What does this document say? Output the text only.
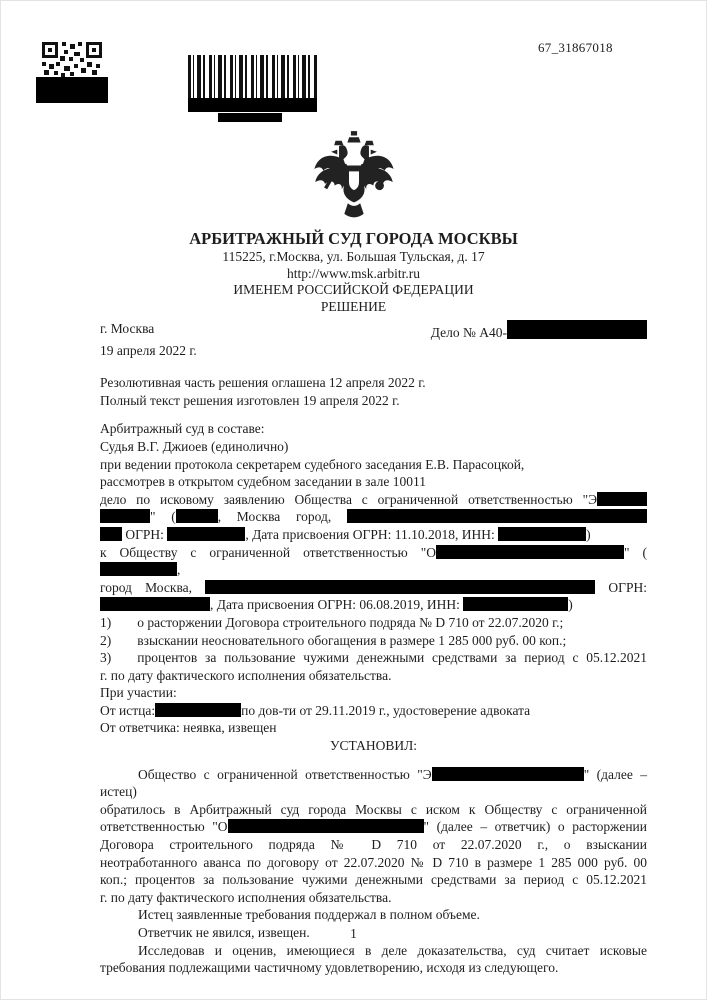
67_31867018
АРБИТРАЖНЫЙ СУД ГОРОДА МОСКВЫ
115225, г.Москва, ул. Большая Тульская, д. 17
http://www.msk.arbitr.ru
ИМЕНЕМ РОССИЙСКОЙ ФЕДЕРАЦИИ
РЕШЕНИЕ
г. Москва	Дело № А40-
19 апреля 2022 г.
Резолютивная часть решения оглашена 12 апреля 2022 г.
Полный текст решения изготовлен 19 апреля 2022 г.
Арбитражный суд в составе:
Судья В.Г. Джиоев (единолично)
при ведении протокола секретарем судебного заседания Е.В. Парасоцкой,
рассмотрев в открытом судебном заседании в зале 10011
дело по исковому заявлению Общества с ограниченной ответственностью "Э
" (	, Москва город,
ОГРН:	, Дата присвоения ОГРН: 11.10.2018, ИНН:	)
к Обществу с ограниченной ответственностью "О	" (,
город Москва,	ОГРН:
, Дата присвоения ОГРН: 06.08.2019, ИНН:	)
1) о расторжении Договора строительного подряда № D 710 от 22.07.2020 г.;
2) взыскании неосновательного обогащения в размере 1 285 000 руб. 00 коп.;
3) процентов за пользование чужими денежными средствами за период с 05.12.2021
г. по дату фактического исполнения обязательства.
При участии:
От истца:	по дов-ти от 29.11.2019 г., удостоверение адвоката
От ответчика: неявка, извещен
УСТАНОВИЛ:
Общество с ограниченной ответственностью "Э	" (далее – истец)
обратилось в Арбитражный суд города Москвы с иском к Обществу с ограниченной
ответственностью "О	" (далее – ответчик) о расторжении
Договора строительного подряда № D 710 от 22.07.2020 г., о взыскании
неотработанного аванса по договору от 22.07.2020 № D 710 в размере 1 285 000 руб. 00
коп.; процентов за пользование чужими денежными средствами за период с 05.12.2021
г. по дату фактического исполнения обязательства.
Истец заявленные требования поддержал в полном объеме.
Ответчик не явился, извещен.
Исследовав и оценив, имеющиеся в деле доказательства, суд считает исковые
требования подлежащими частичному удовлетворению, исходя из следующего.
1
